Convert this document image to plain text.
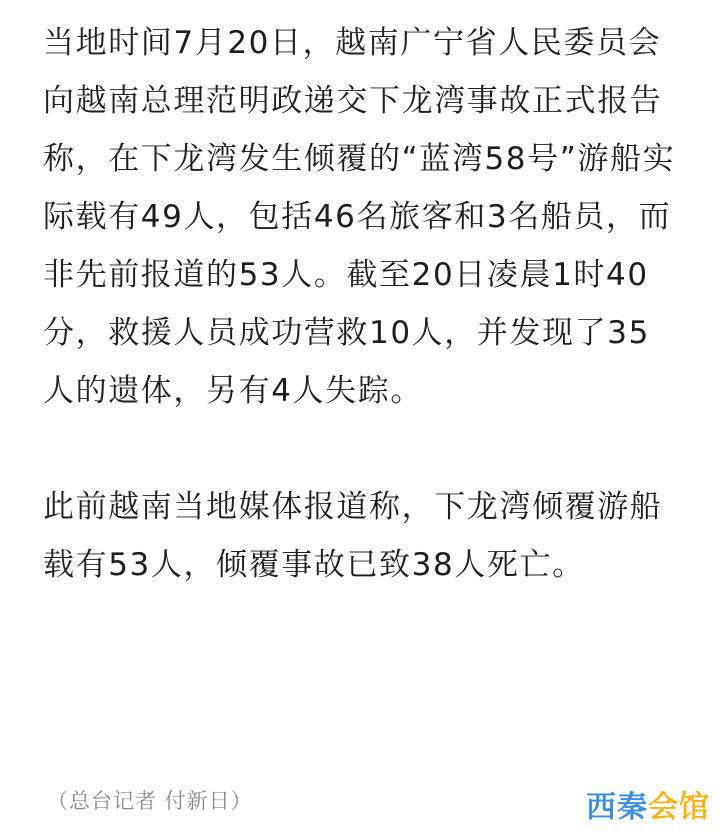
当地时间7月20日，越南广宁省人民委员会
向越南总理范明政递交下龙湾事故正式报告
称，在下龙湾发生倾覆的“蓝湾58号”游船实
际载有49人，包括46名旅客和3名船员，而
非先前报道的53人。截至20日凌晨1时40
分，救援人员成功营救10人，并发现了35
人的遗体，另有4人失踪。

此前越南当地媒体报道称，下龙湾倾覆游船
载有53人，倾覆事故已致38人死亡。

（总台记者 付新日）	西秦会馆
